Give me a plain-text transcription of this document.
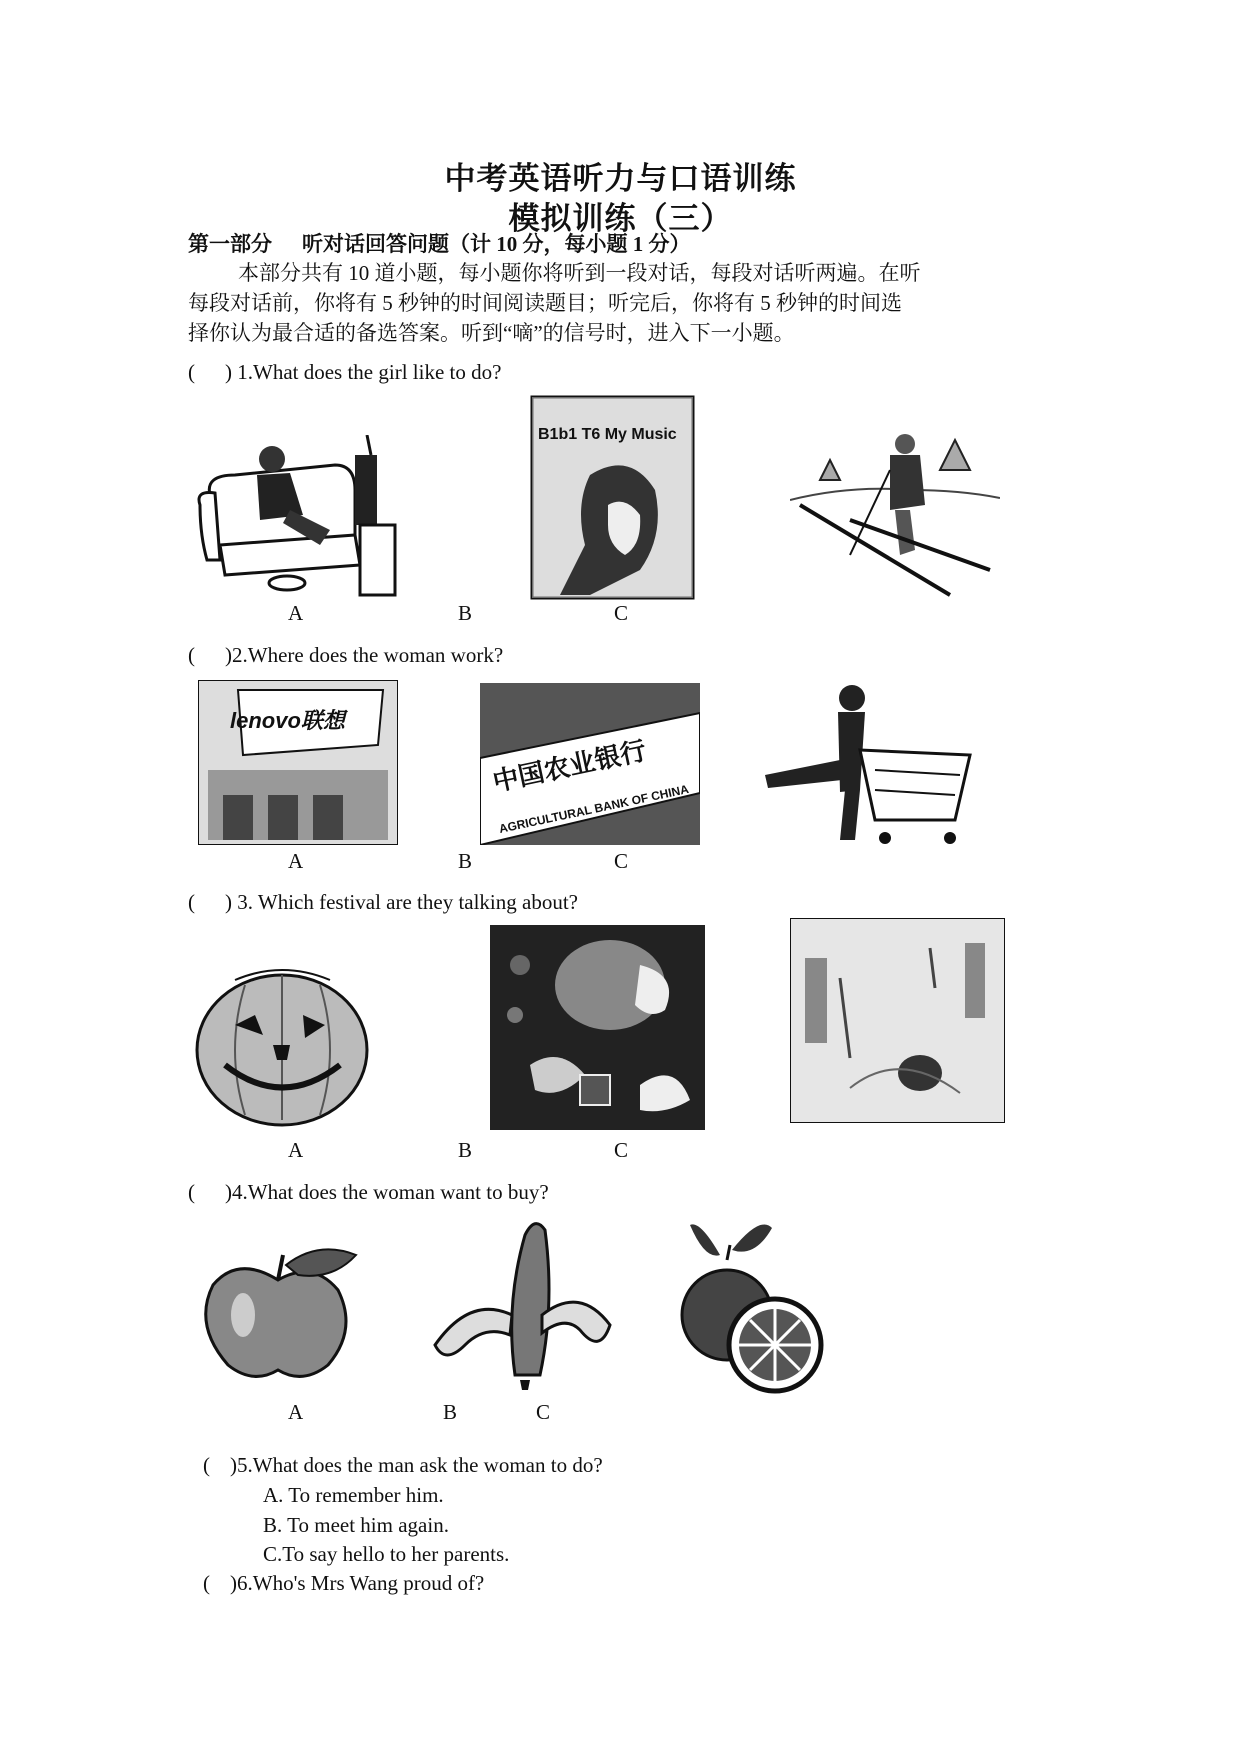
中考英语听力与口语训练
模拟训练（三）
第一部分 听对话回答问题（计 10 分，每小题 1 分）
本部分共有 10 道小题，每小题你将听到一段对话，每段对话听两遍。在听
每段对话前，你将有 5 秒钟的时间阅读题目；听完后，你将有 5 秒钟的时间选
择你认为最合适的备选答案。听到“嘀”的信号时，进入下一小题。
( ) 1.What does the girl like to do?
B1b1 T6 My Music
A	B	C
( )2.Where does the woman work?
lenovo联想
中国农业银行
AGRICULTURAL BANK OF CHINA
A	B	C
( ) 3. Which festival are they talking about?
A	B	C
( )4.What does the woman want to buy?
A	B	C
( )5.What does the man ask the woman to do?
A. To remember him.
B. To meet him again.
C.To say hello to her parents.
( )6.Who's Mrs Wang proud of?
